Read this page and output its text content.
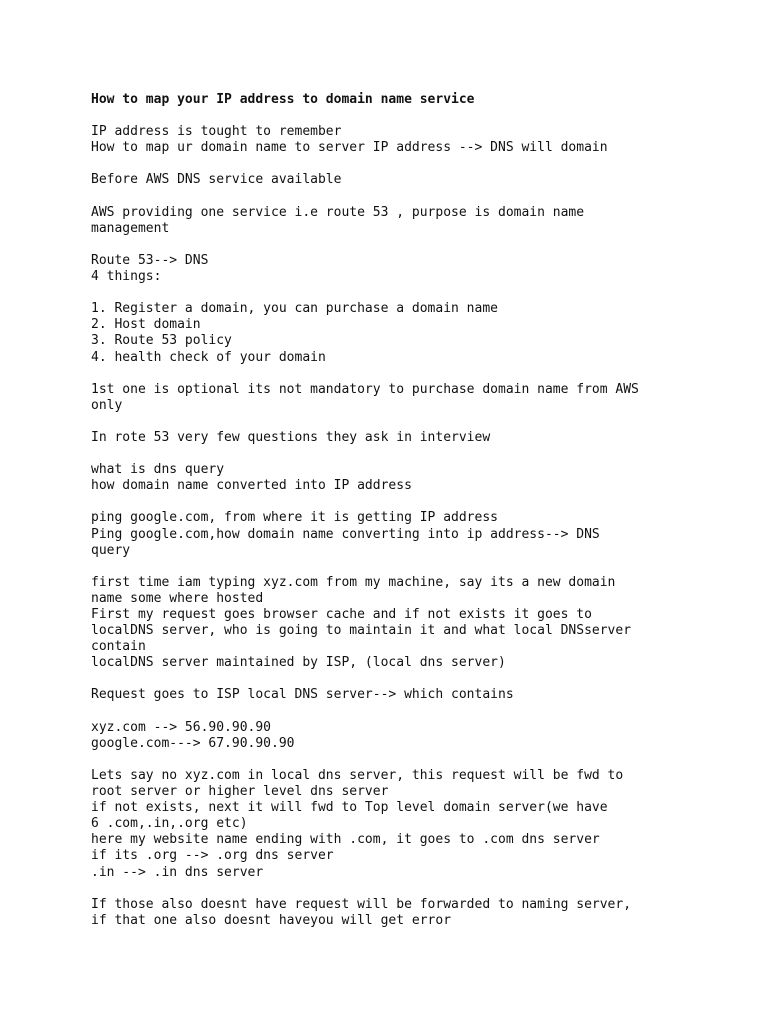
How to map your IP address to domain name service
IP address is tought to remember
How to map ur domain name to server IP address --> DNS will domain
Before AWS DNS service available
AWS providing one service i.e route 53 , purpose is domain name
management
Route 53--> DNS
4 things:
1. Register a domain, you can purchase a domain name
2. Host domain
3. Route 53 policy
4. health check of your domain
1st one is optional its not mandatory to purchase domain name from AWS
only
In rote 53 very few questions they ask in interview
what is dns query
how domain name converted into IP address
ping google.com, from where it is getting IP address
Ping google.com,how domain name converting into ip address--> DNS
query
first time iam typing xyz.com from my machine, say its a new domain
name some where hosted
First my request goes browser cache and if not exists it goes to
localDNS server, who is going to maintain it and what local DNSserver
contain
localDNS server maintained by ISP, (local dns server)
Request goes to ISP local DNS server--> which contains
xyz.com --> 56.90.90.90
google.com---> 67.90.90.90
Lets say no xyz.com in local dns server, this request will be fwd to
root server or higher level dns server
if not exists, next it will fwd to Top level domain server(we have
6 .com,.in,.org etc)
here my website name ending with .com, it goes to .com dns server
if its .org --> .org dns server
.in --> .in dns server
If those also doesnt have request will be forwarded to naming server,
if that one also doesnt haveyou will get error
